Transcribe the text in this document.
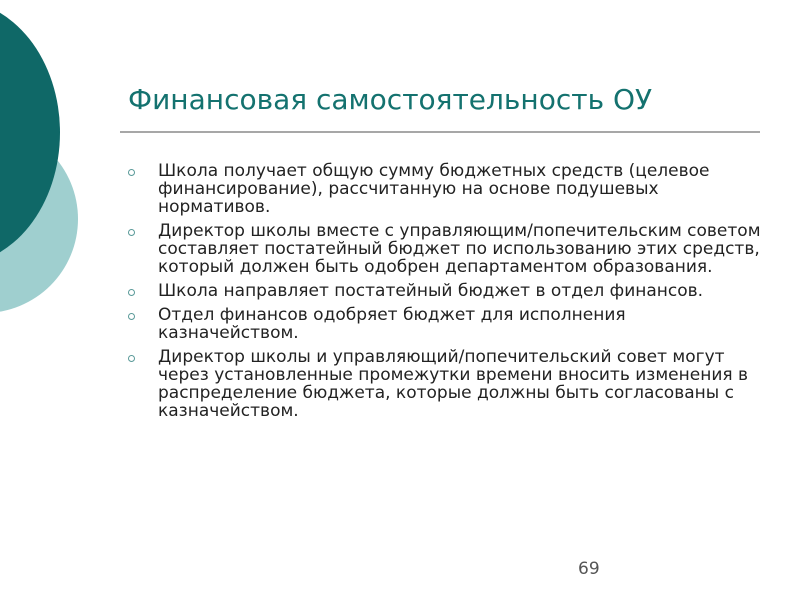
Финансовая самостоятельность ОУ
Школа получает общую сумму бюджетных средств (целевое финансирование), рассчитанную на основе подушевых нормативов.
Директор школы вместе с управляющим/попечительским советом составляет постатейный бюджет по использованию этих средств, который должен быть одобрен департаментом образования.
Школа направляет постатейный бюджет в отдел финансов.
Отдел финансов одобряет бюджет для исполнения казначейством.
Директор школы и управляющий/попечительский совет могут через установленные промежутки времени вносить изменения в распределение бюджета, которые должны быть согласованы с казначейством.
69
